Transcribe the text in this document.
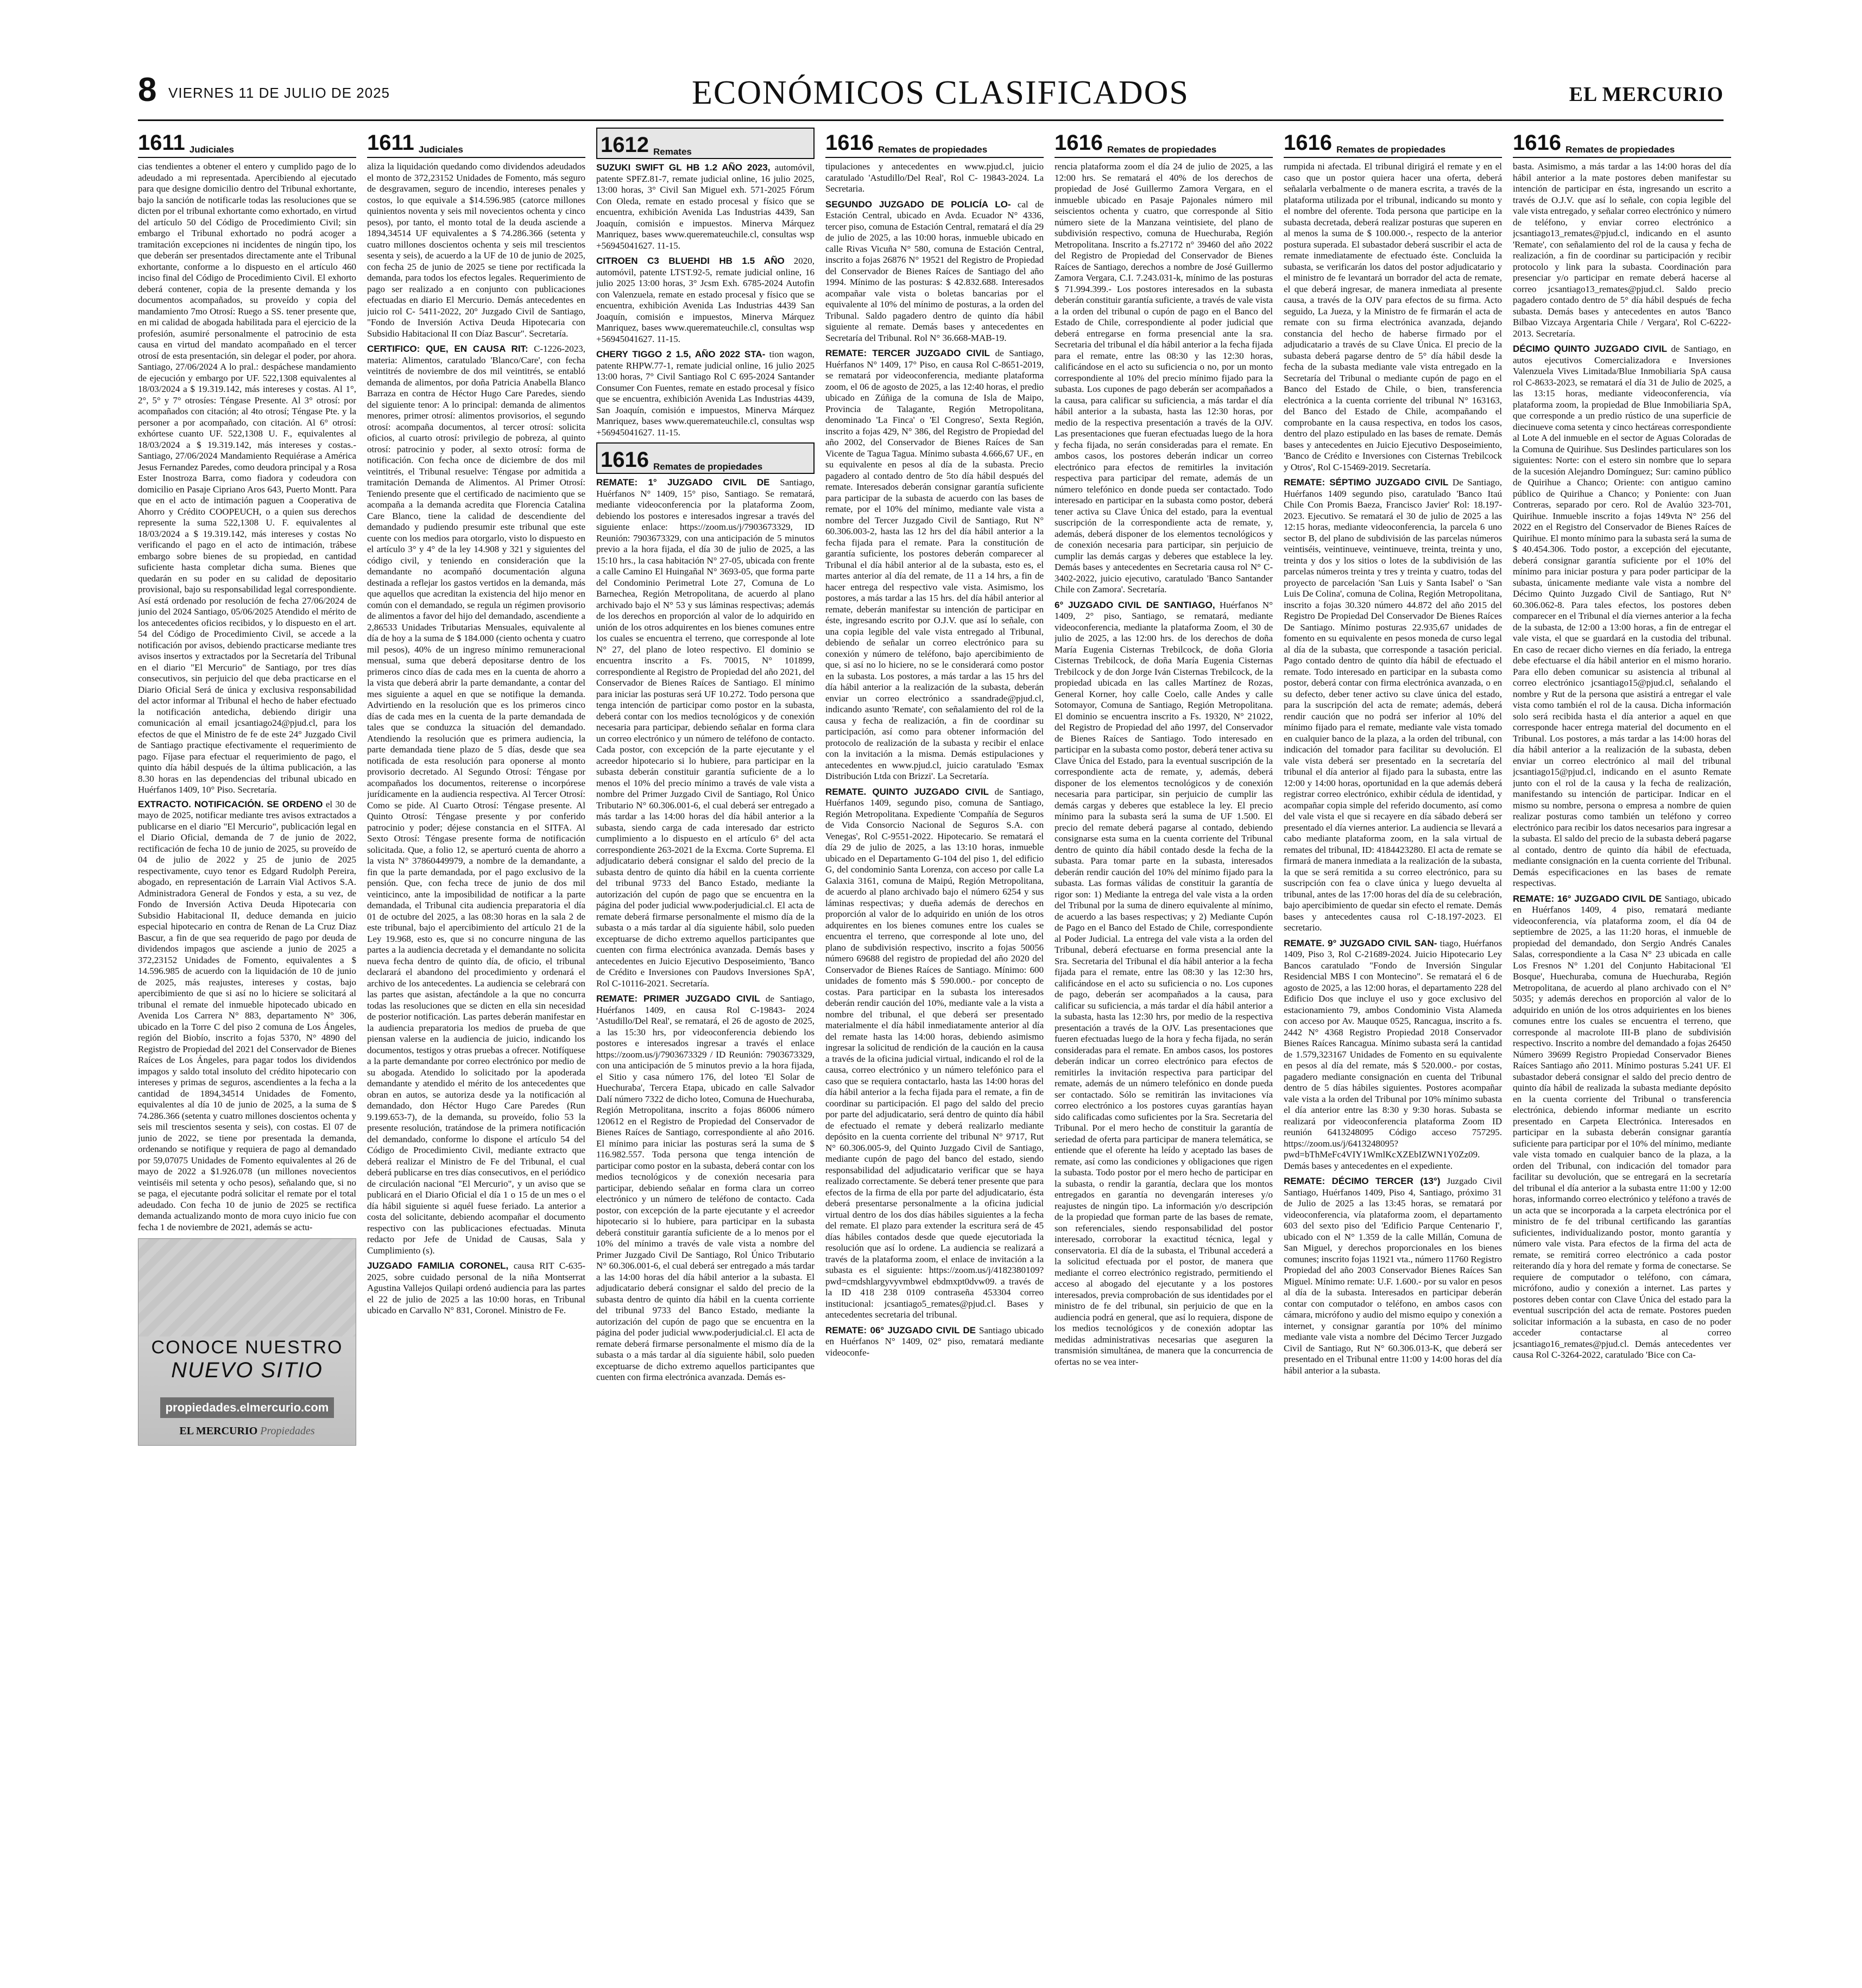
8 VIERNES 11 DE JULIO DE 2025	ECONÓMICOS CLASIFICADOS	EL MERCURIO
1611 Judiciales

cias tendientes a obtener el entero y cumplido pago de lo adeudado a mi representada. Apercibiendo al ejecutado para que designe domicilio dentro del Tribunal exhortante, bajo la sanción de notificarle todas las resoluciones que se dicten por el tribunal exhortante como exhortado, en virtud del artículo 50 del Código de Procedimiento Civil; sin embargo el Tribunal exhortado no podrá acoger a tramitación excepciones ni incidentes de ningún tipo, los que deberán ser presentados directamente ante el Tribunal exhortante, conforme a lo dispuesto en el artículo 460 inciso final del Código de Procedimiento Civil. El exhorto deberá contener, copia de la presente demanda y los documentos acompañados, su proveído y copia del mandamiento 7mo Otrosí: Ruego a SS. tener presente que, en mi calidad de abogada habilitada para el ejercicio de la profesión, asumiré personalmente el patrocinio de esta causa en virtud del mandato acompañado en el tercer otrosí de esta presentación, sin delegar el poder, por ahora. Santiago, 27/06/2024 A lo pral.: despáchese mandamiento de ejecución y embargo por UF. 522,1308 equivalentes al 18/03/2024 a $ 19.319.142, más intereses y costas. Al 1°, 2°, 5° y 7° otrosíes: Téngase Presente. Al 3° otrosí: por acompañados con citación; al 4to otrosí; Téngase Pte. y la personer a por acompañado, con citación. Al 6° otrosí: exhórtese cuanto UF. 522,1308 U. F., equivalentes al 18/03/2024 a $ 19.319.142, más intereses y costas.- Santiago, 27/06/2024 Mandamiento Requiérase a América Jesus Fernandez Paredes, como deudora principal y a Rosa Ester Inostroza Barra, como fiadora y codeudora con domicilio en Pasaje Cipriano Aros 643, Puerto Montt. Para que en el acto de intimación paguen a Cooperativa de Ahorro y Crédito COOPEUCH, o a quien sus derechos represente la suma 522,1308 U. F. equivalentes al 18/03/2024 a $ 19.319.142, más intereses y costas No verificando el pago en el acto de intimación, trábese embargo sobre bienes de su propiedad, en cantidad suficiente hasta completar dicha suma. Bienes que quedarán en su poder en su calidad de depositario provisional, bajo su responsabilidad legal correspondiente. Así está ordenado por resolución de fecha 27/06/2024 de junio del 2024 Santiago, 05/06/2025 Atendido el mérito de los antecedentes oficios recibidos, y lo dispuesto en el art. 54 del Código de Procedimiento Civil, se accede a la notificación por avisos, debiendo practicarse mediante tres avisos insertos y extractados por la Secretaría del Tribunal en el diario "El Mercurio" de Santiago, por tres días consecutivos, sin perjuicio del que deba practicarse en el Diario Oficial Será de única y exclusiva responsabilidad del actor informar al Tribunal el hecho de haber efectuado la notificación antedicha, debiendo dirigir una comunicación al email jcsantiago24@pjud.cl, para los efectos de que el Ministro de fe de este 24° Juzgado Civil de Santiago practique efectivamente el requerimiento de pago. Fíjase para efectuar el requerimiento de pago, el quinto día hábil después de la última publicación, a las 8.30 horas en las dependencias del tribunal ubicado en Huérfanos 1409, 10° Piso. Secretaría.

EXTRACTO. NOTIFICACIÓN. SE ORDENO el 30 de mayo de 2025, notificar mediante tres avisos extractados a publicarse en el diario "El Mercurio", publicación legal en el Diario Oficial, demanda de 7 de junio de 2022, rectificación de fecha 10 de junio de 2025, su proveído de 04 de julio de 2022 y 25 de junio de 2025 respectivamente, cuyo tenor es Edgard Rudolph Pereira, abogado, en representación de Larrain Vial Activos S.A. Administradora General de Fondos y esta, a su vez, de Fondo de Inversión Activa Deuda Hipotecaria con Subsidio Habitacional II, deduce demanda en juicio especial hipotecario en contra de Renan de La Cruz Diaz Bascur, a fin de que sea requerido de pago por deuda de dividendos impagos que asciende a junio de 2025 a 372,23152 Unidades de Fomento, equivalentes a $ 14.596.985 de acuerdo con la liquidación de 10 de junio de 2025, más reajustes, intereses y costas, bajo apercibimiento de que si así no lo hiciere se solicitará al tribunal el remate del inmueble hipotecado ubicado en Avenida Los Carrera N° 883, departamento N° 306, ubicado en la Torre C del piso 2 comuna de Los Ángeles, región del Biobío, inscrito a fojas 5370, N° 4890 del Registro de Propiedad del 2021 del Conservador de Bienes Raíces de Los Ángeles, para pagar todos los dividendos impagos y saldo total insoluto del crédito hipotecario con intereses y primas de seguros, ascendientes a la fecha a la cantidad de 1894,34514 Unidades de Fomento, equivalentes al día 10 de junio de 2025, a la suma de $ 74.286.366 (setenta y cuatro millones doscientos ochenta y seis mil trescientos sesenta y seis), con costas. El 07 de junio de 2022, se tiene por presentada la demanda, ordenando se notifique y requiera de pago al demandado por 59,07075 Unidades de Fomento equivalentes al 26 de mayo de 2022 a $1.926.078 (un millones novecientos veintiséis mil setenta y ocho pesos), señalando que, si no se paga, el ejecutante podrá solicitar el remate por el total adeudado. Con fecha 10 de junio de 2025 se rectifica demanda actualizando monto de mora cuyo inicio fue con fecha 1 de noviembre de 2021, además se actu-

CONOCE NUESTRO
NUEVO SITIO
propiedades.elmercurio.com
EL MERCURIO Propiedades
1611 Judiciales

aliza la liquidación quedando como dividendos adeudados el monto de 372,23152 Unidades de Fomento, más seguro de desgravamen, seguro de incendio, intereses penales y costos, lo que equivale a $14.596.985 (catorce millones quinientos noventa y seis mil novecientos ochenta y cinco pesos), por tanto, el monto total de la deuda asciende a 1894,34514 UF equivalentes a $ 74.286.366 (setenta y cuatro millones doscientos ochenta y seis mil trescientos sesenta y seis), de acuerdo a la UF de 10 de junio de 2025, con fecha 25 de junio de 2025 se tiene por rectificada la demanda, para todos los efectos legales. Requerimiento de pago ser realizado a en conjunto con publicaciones efectuadas en diario El Mercurio. Demás antecedentes en juicio rol C- 5411-2022, 20° Juzgado Civil de Santiago, "Fondo de Inversión Activa Deuda Hipotecaria con Subsidio Habitacional II con Díaz Bascur". Secretaría.

CERTIFICO: QUE, EN CAUSA RIT: C-1226-2023, materia: Alimentos, caratulado 'Blanco/Care', con fecha veintitrés de noviembre de dos mil veintitrés, se entabló demanda de alimentos, por doña Patricia Anabella Blanco Barraza en contra de Héctor Hugo Care Paredes, siendo del siguiente tenor: A lo principal: demanda de alimentos menores, primer otrosí: alimentos provisorios, el segundo otrosí: acompaña documentos, al tercer otrosí: solicita oficios, al cuarto otrosí: privilegio de pobreza, al quinto otrosí: patrocinio y poder, al sexto otrosí: forma de notificación. Con fecha once de diciembre de dos mil veintitrés, el Tribunal resuelve: Téngase por admitida a tramitación Demanda de Alimentos. Al Primer Otrosí: Teniendo presente que el certificado de nacimiento que se acompaña a la demanda acredita que Florencia Catalina Care Blanco, tiene la calidad de descendiente del demandado y pudiendo presumir este tribunal que este cuente con los medios para otorgarlo, visto lo dispuesto en el artículo 3° y 4° de la ley 14.908 y 321 y siguientes del código civil, y teniendo en consideración que la demandante no acompañó documentación alguna destinada a reflejar los gastos vertidos en la demanda, más que aquellos que acreditan la existencia del hijo menor en común con el demandado, se regula un régimen provisorio de alimentos a favor del hijo del demandado, ascendiente a 2,86533 Unidades Tributarias Mensuales, equivalente al día de hoy a la suma de $ 184.000 (ciento ochenta y cuatro mil pesos), 40% de un ingreso mínimo remuneracional mensual, suma que deberá depositarse dentro de los primeros cinco días de cada mes en la cuenta de ahorro a la vista que deberá abrir la parte demandante, a contar del mes siguiente a aquel en que se notifique la demanda. Advirtiendo en la resolución que es los primeros cinco días de cada mes en la cuenta de la parte demandada de tales que se conduzca la situación del demandado. Atendiendo la resolución que es primera audiencia, la parte demandada tiene plazo de 5 días, desde que sea notificada de esta resolución para oponerse al monto provisorio decretado. Al Segundo Otrosí: Téngase por acompañados los documentos, reiterense o incorpórese jurídicamente en la audiencia respectiva. Al Tercer Otrosí: Como se pide. Al Cuarto Otrosí: Téngase presente. Al Quinto Otrosí: Téngase presente y por conferido patrocinio y poder; déjese constancia en el SITFA. Al Sexto Otrosí: Téngase presente forma de notificación solicitada. Que, a folio 12, se aperturó cuenta de ahorro a la vista N° 37860449979, a nombre de la demandante, a fin que la parte demandada, por el pago exclusivo de la pensión. Que, con fecha trece de junio de dos mil veinticinco, ante la imposibilidad de notificar a la parte demandada, el Tribunal cita audiencia preparatoria el día 01 de octubre del 2025, a las 08:30 horas en la sala 2 de este tribunal, bajo el apercibimiento del artículo 21 de la Ley 19.968, esto es, que si no concurre ninguna de las partes a la audiencia decretada y el demandante no solicita nueva fecha dentro de quinto día, de oficio, el tribunal declarará el abandono del procedimiento y ordenará el archivo de los antecedentes. La audiencia se celebrará con las partes que asistan, afectándole a la que no concurra todas las resoluciones que se dicten en ella sin necesidad de posterior notificación. Las partes deberán manifestar en la audiencia preparatoria los medios de prueba de que piensan valerse en la audiencia de juicio, indicando los documentos, testigos y otras pruebas a ofrecer. Notifíquese a la parte demandante por correo electrónico por medio de su abogada. Atendido lo solicitado por la apoderada demandante y atendido el mérito de los antecedentes que obran en autos, se autoriza desde ya la notificación al demandado, don Héctor Hugo Care Paredes (Run 9.199.653-7), de la demanda, su proveído, folio 53 la presente resolución, tratándose de la primera notificación del demandado, conforme lo dispone el artículo 54 del Código de Procedimiento Civil, mediante extracto que deberá realizar el Ministro de Fe del Tribunal, el cual deberá publicarse en tres días consecutivos, en el periódico de circulación nacional "El Mercurio", y un aviso que se publicará en el Diario Oficial el día 1 o 15 de un mes o el día hábil siguiente si aquél fuese feriado. La anterior a costa del solicitante, debiendo acompañar el documento respectivo con las publicaciones efectuadas. Minuta redacto por Jefe de Unidad de Causas, Sala y Cumplimiento (s).

JUZGADO FAMILIA CORONEL, causa RIT C-635-2025, sobre cuidado personal de la niña Montserrat Agustina Vallejos Quilapi ordenó audiencia para las partes el 22 de julio de 2025 a las 10:00 horas, en Tribunal ubicado en Carvallo N° 831, Coronel. Ministro de Fe.

1612 Remates

SUZUKI SWIFT GL HB 1.2 AÑO 2023, automóvil, patente SPFZ.81-7, remate judicial online, 16 julio 2025, 13:00 horas, 3° Civil San Miguel exh. 571-2025 Fórum Con Oleda, remate en estado procesal y físico que se encuentra, exhibición Avenida Las Industrias 4439, San Joaquín, comisión e impuestos. Minerva Márquez Manriquez, bases www.queremateuchile.cl, consultas wsp +56945041627. 11-15.

CITROEN C3 BLUEHDI HB 1.5 AÑO 2020, automóvil, patente LTST.92-5, remate judicial online, 16 julio 2025 13:00 horas, 3° Jcsm Exh. 6785-2024 Autofin con Valenzuela, remate en estado procesal y físico que se encuentra, exhibición Avenida Las Industrias 4439 San Joaquín, comisión e impuestos, Minerva Márquez Manriquez, bases www.queremateuchile.cl, consultas wsp +56945041627. 11-15.

CHERY TIGGO 2 1.5, AÑO 2022 STA- tion wagon, patente RHPW.77-1, remate judicial online, 16 julio 2025 13:00 horas, 7° Civil Santiago Rol C 695-2024 Santander Consumer Con Fuentes, remate en estado procesal y físico que se encuentra, exhibición Avenida Las Industrias 4439, San Joaquín, comisión e impuestos, Minerva Márquez Manriquez, bases www.queremateuchile.cl, consultas wsp +56945041627. 11-15.

1616 Remates de propiedades

REMATE: 1° JUZGADO CIVIL DE Santiago, Huérfanos N° 1409, 15° piso, Santiago. Se rematará, mediante videoconferencia por la plataforma Zoom, debiendo los postores e interesados ingresar a través del siguiente enlace: https://zoom.us/j/7903673329, ID Reunión: 7903673329, con una anticipación de 5 minutos previo a la hora fijada, el día 30 de julio de 2025, a las 15:10 hrs., la casa habitación N° 27-05, ubicada con frente a calle Camino El Huingañal N° 3693-05, que forma parte del Condominio Perimetral Lote 27, Comuna de Lo Barnechea, Región Metropolitana, de acuerdo al plano archivado bajo el N° 53 y sus láminas respectivas; además de los derechos en proporción al valor de lo adquirido en unión de los otros adquirentes en los bienes comunes entre los cuales se encuentra el terreno, que corresponde al lote N° 27, del plano de loteo respectivo. El dominio se encuentra inscrito a Fs. 70015, N° 101899, correspondiente al Registro de Propiedad del año 2021, del Conservador de Bienes Raíces de Santiago. El mínimo para iniciar las posturas será UF 10.272. Todo persona que tenga intención de participar como postor en la subasta, deberá contar con los medios tecnológicos y de conexión necesaria para participar, debiendo señalar en forma clara un correo electrónico y un número de teléfono de contacto. Cada postor, con excepción de la parte ejecutante y el acreedor hipotecario si lo hubiere, para participar en la subasta deberán constituir garantía suficiente de a lo menos el 10% del precio mínimo a través de vale vista a nombre del Primer Juzgado Civil de Santiago, Rol Único Tributario N° 60.306.001-6, el cual deberá ser entregado a más tardar a las 14:00 horas del día hábil anterior a la subasta, siendo carga de cada interesado dar estricto cumplimiento a lo dispuesto en el artículo 6° del acta correspondiente 263-2021 de la Excma. Corte Suprema. El adjudicatario deberá consignar el saldo del precio de la subasta dentro de quinto día hábil en la cuenta corriente del tribunal 9733 del Banco Estado, mediante la autorización del cupón de pago que se encuentra en la página del poder judicial www.poderjudicial.cl. El acta de remate deberá firmarse personalmente el mismo día de la subasta o a más tardar al día siguiente hábil, solo pueden exceptuarse de dicho extremo aquellos participantes que cuenten con firma electrónica avanzada. Demás bases y antecedentes en Juicio Ejecutivo Desposeimiento, 'Banco de Crédito e Inversiones con Paudovs Inversiones SpA', Rol C-10116-2021. Secretaría.

REMATE: PRIMER JUZGADO CIVIL de Santiago, Huérfanos 1409, en causa Rol C-19843- 2024 'Astudillo/Del Real', se rematará, el 26 de agosto de 2025, a las 15:30 hrs, por videoconferencia debiendo los postores e interesados ingresar a través el enlace https://zoom.us/j/7903673329 / ID Reunión: 7903673329, con una anticipación de 5 minutos previo a la hora fijada, el Sitio y casa número 176, del loteo 'El Solar de Huechuraba', Tercera Etapa, ubicado en calle Salvador Dalí número 7322 de dicho loteo, Comuna de Huechuraba, Región Metropolitana, inscrito a fojas 86006 número 120612 en el Registro de Propiedad del Conservador de Bienes Raíces de Santiago, correspondiente al año 2016. El mínimo para iniciar las posturas será la suma de $ 116.982.557. Toda persona que tenga intención de participar como postor en la subasta, deberá contar con los medios tecnológicos y de conexión necesaria para participar, debiendo señalar en forma clara un correo electrónico y un número de teléfono de contacto. Cada postor, con excepción de la parte ejecutante y el acreedor hipotecario si lo hubiere, para participar en la subasta deberá constituir garantía suficiente de a lo menos por el 10% del mínimo a través de vale vista a nombre del Primer Juzgado Civil De Santiago, Rol Único Tributario N° 60.306.001-6, el cual deberá ser entregado a más tardar a las 14:00 horas del día hábil anterior a la subasta. El adjudicatario deberá consignar el saldo del precio de la subasta dentro de quinto día hábil en la cuenta corriente del tribunal 9733 del Banco Estado, mediante la autorización del cupón de pago que se encuentra en la página del poder judicial www.poderjudicial.cl. El acta de remate deberá firmarse personalmente el mismo día de la subasta o a más tardar al día siguiente hábil, solo pueden exceptuarse de dicho extremo aquellos participantes que cuenten con firma electrónica avanzada. Demás es-

1616 Remates de propiedades

tipulaciones y antecedentes en www.pjud.cl, juicio caratulado 'Astudillo/Del Real', Rol C- 19843-2024. La Secretaria.

SEGUNDO JUZGADO DE POLICÍA LO- cal de Estación Central, ubicado en Avda. Ecuador N° 4336, tercer piso, comuna de Estación Central, rematará el día 29 de julio de 2025, a las 10:00 horas, inmueble ubicado en calle Rivas Vicuña N° 580, comuna de Estación Central, inscrito a fojas 26876 N° 19521 del Registro de Propiedad del Conservador de Bienes Raíces de Santiago del año 1994. Mínimo de las posturas: $ 42.832.688. Interesados acompañar vale vista o boletas bancarias por el equivalente al 10% del mínimo de posturas, a la orden del Tribunal. Saldo pagadero dentro de quinto día hábil siguiente al remate. Demás bases y antecedentes en Secretaría del Tribunal. Rol N° 36.668-MAB-19.

REMATE: TERCER JUZGADO CIVIL de Santiago, Huérfanos N° 1409, 17° Piso, en causa Rol C-8651-2019, se rematará por videoconferencia, mediante plataforma zoom, el 06 de agosto de 2025, a las 12:40 horas, el predio ubicado en Zúñiga de la comuna de Isla de Maipo, Provincia de Talagante, Región Metropolitana, denominado 'La Finca' o 'El Congreso', Sexta Región, inscrito a fojas 429, N° 386, del Registro de Propiedad del año 2002, del Conservador de Bienes Raíces de San Vicente de Tagua Tagua. Mínimo subasta 4.666,67 UF., en su equivalente en pesos al día de la subasta. Precio pagadero al contado dentro de 5to día hábil después del remate. Interesados deberán consignar garantía suficiente para participar de la subasta de acuerdo con las bases de remate, por el 10% del mínimo, mediante vale vista a nombre del Tercer Juzgado Civil de Santiago, Rut N° 60.306.003-2, hasta las 12 hrs del día hábil anterior a la fecha fijada para el remate. Para la constitución de garantía suficiente, los postores deberán comparecer al Tribunal el día hábil anterior al de la subasta, esto es, el martes anterior al día del remate, de 11 a 14 hrs, a fin de hacer entrega del respectivo vale vista. Asimismo, los postores, a más tardar a las 15 hrs. del día hábil anterior al remate, deberán manifestar su intención de participar en éste, ingresando escrito por O.J.V. que así lo señale, con una copia legible del vale vista entregado al Tribunal, debiendo de señalar un correo electrónico para su conexión y número de teléfono, bajo apercibimiento de que, si así no lo hiciere, no se le considerará como postor en la subasta. Los postores, a más tardar a las 15 hrs del día hábil anterior a la realización de la subasta, deberán enviar un correo electrónico a ssandrade@pjud.cl, indicando asunto 'Remate', con señalamiento del rol de la causa y fecha de realización, a fin de coordinar su participación, así como para obtener información del protocolo de realización de la subasta y recibir el enlace con la invitación a la misma. Demás estipulaciones y antecedentes en www.pjud.cl, juicio caratulado 'Esmax Distribución Ltda con Brizzi'. La Secretaría.

REMATE. QUINTO JUZGADO CIVIL de Santiago, Huérfanos 1409, segundo piso, comuna de Santiago, Región Metropolitana. Expediente 'Compañía de Seguros de Vida Consorcio Nacional de Seguros S.A. con Venegas', Rol C-9551-2022. Hipotecario. Se rematará el día 29 de julio de 2025, a las 13:10 horas, inmueble ubicado en el Departamento G-104 del piso 1, del edificio G, del condominio Santa Lorenza, con acceso por calle La Galaxia 3161, comuna de Maipú, Región Metropolitana, de acuerdo al plano archivado bajo el número 6254 y sus láminas respectivas; y dueña además de derechos en proporción al valor de lo adquirido en unión de los otros adquirentes en los bienes comunes entre los cuales se encuentra el terreno, que corresponde al lote uno, del plano de subdivisión respectivo, inscrito a fojas 50056 número 69688 del registro de propiedad del año 2020 del Conservador de Bienes Raíces de Santiago. Mínimo: 600 unidades de fomento más $ 590.000.- por concepto de costas. Para participar en la subasta los interesados deberán rendir caución del 10%, mediante vale a la vista a nombre del tribunal, el que deberá ser presentado materialmente el día hábil inmediatamente anterior al día del remate hasta las 14:00 horas, debiendo asimismo ingresar la solicitud de rendición de la caución en la causa a través de la oficina judicial virtual, indicando el rol de la causa, correo electrónico y un número telefónico para el caso que se requiera contactarlo, hasta las 14:00 horas del día hábil anterior a la fecha fijada para el remate, a fin de coordinar su participación. El pago del saldo del precio por parte del adjudicatario, será dentro de quinto día hábil de efectuado el remate y deberá realizarlo mediante depósito en la cuenta corriente del tribunal N° 9717, Rut N° 60.306.005-9, del Quinto Juzgado Civil de Santiago, mediante cupón de pago del banco del estado, siendo responsabilidad del adjudicatario verificar que se haya realizado correctamente. Se deberá tener presente que para efectos de la firma de ella por parte del adjudicatario, ésta deberá presentarse personalmente a la oficina judicial virtual dentro de los dos días hábiles siguientes a la fecha del remate. El plazo para extender la escritura será de 45 días hábiles contados desde que quede ejecutoriada la resolución que así lo ordene. La audiencia se realizará a través de la plataforma zoom, el enlace de invitación a la subasta es el siguiente: https://zoom.us/j/4182380109?pwd=cmdshlargyvyvmbwel ebdmxpt0dvw09. a través de la ID 418 238 0109 contraseña 453304 correo institucional: jcsantiago5_remates@pjud.cl. Bases y antecedentes secretaria del tribunal.

REMATE: 06° JUZGADO CIVIL DE Santiago ubicado en Huérfanos N° 1409, 02° piso, rematará mediante videoconfe-

1616 Remates de propiedades

rencia plataforma zoom el día 24 de julio de 2025, a las 12:00 hrs. Se rematará el 40% de los derechos de propiedad de José Guillermo Zamora Vergara, en el inmueble ubicado en Pasaje Pajonales número mil seiscientos ochenta y cuatro, que corresponde al Sitio número siete de la Manzana veintisiete, del plano de subdivisión respectivo, comuna de Huechuraba, Región Metropolitana. Inscrito a fs.27172 n° 39460 del año 2022 del Registro de Propiedad del Conservador de Bienes Raíces de Santiago, derechos a nombre de José Guillermo Zamora Vergara, C.I. 7.243.031-k, mínimo de las posturas $ 71.994.399.- Los postores interesados en la subasta deberán constituir garantía suficiente, a través de vale vista a la orden del tribunal o cupón de pago en el Banco del Estado de Chile, correspondiente al poder judicial que deberá entregarse en forma presencial ante la sra. Secretaria del tribunal el día hábil anterior a la fecha fijada para el remate, entre las 08:30 y las 12:30 horas, calificándose en el acto su suficiencia o no, por un monto correspondiente al 10% del precio mínimo fijado para la subasta. Los cupones de pago deberán ser acompañados a la causa, para calificar su suficiencia, a más tardar el día hábil anterior a la subasta, hasta las 12:30 horas, por medio de la respectiva presentación a través de la OJV. Las presentaciones que fueran efectuadas luego de la hora y fecha fijada, no serán consideradas para el remate. En ambos casos, los postores deberán indicar un correo electrónico para efectos de remitirles la invitación respectiva para participar del remate, además de un número telefónico en donde pueda ser contactado. Todo interesado en participar en la subasta como postor, deberá tener activa su Clave Única del estado, para la eventual suscripción de la correspondiente acta de remate, y, además, deberá disponer de los elementos tecnológicos y de conexión necesaria para participar, sin perjuicio de cumplir las demás cargas y deberes que establece la ley. Demás bases y antecedentes en Secretaria causa rol N° C-3402-2022, juicio ejecutivo, caratulado 'Banco Santander Chile con Zamora'. Secretaría.

6° JUZGADO CIVIL DE SANTIAGO, Huérfanos N° 1409, 2° piso, Santiago, se rematará, mediante videoconferencia, mediante la plataforma Zoom, el 30 de julio de 2025, a las 12:00 hrs. de los derechos de doña María Eugenia Cisternas Trebilcock, de doña Gloria Cisternas Trebilcock, de doña María Eugenia Cisternas Trebilcock y de don Jorge Iván Cisternas Trebilcock, de la propiedad ubicada en las calles Martínez de Rozas, General Korner, hoy calle Coelo, calle Andes y calle Sotomayor, Comuna de Santiago, Región Metropolitana. El dominio se encuentra inscrito a Fs. 19320, N° 21022, del Registro de Propiedad del año 1997, del Conservador de Bienes Raíces de Santiago. Todo interesado en participar en la subasta como postor, deberá tener activa su Clave Única del Estado, para la eventual suscripción de la correspondiente acta de remate, y, además, deberá disponer de los elementos tecnológicos y de conexión necesaria para participar, sin perjuicio de cumplir las demás cargas y deberes que establece la ley. El precio mínimo para la subasta será la suma de UF 1.500. El precio del remate deberá pagarse al contado, debiendo consignarse esta suma en la cuenta corriente del Tribunal dentro de quinto día hábil contado desde la fecha de la subasta. Para tomar parte en la subasta, interesados deberán rendir caución del 10% del mínimo fijado para la subasta. Las formas válidas de constituir la garantía de rigor son: 1) Mediante la entrega del vale vista a la orden del Tribunal por la suma de dinero equivalente al mínimo, de acuerdo a las bases respectivas; y 2) Mediante Cupón de Pago en el Banco del Estado de Chile, correspondiente al Poder Judicial. La entrega del vale vista a la orden del Tribunal, deberá efectuarse en forma presencial ante la Sra. Secretaria del Tribunal el día hábil anterior a la fecha fijada para el remate, entre las 08:30 y las 12:30 hrs, calificándose en el acto su suficiencia o no. Los cupones de pago, deberán ser acompañados a la causa, para calificar su suficiencia, a más tardar el día hábil anterior a la subasta, hasta las 12:30 hrs, por medio de la respectiva presentación a través de la OJV. Las presentaciones que fueren efectuadas luego de la hora y fecha fijada, no serán consideradas para el remate. En ambos casos, los postores deberán indicar un correo electrónico para efectos de remitirles la invitación respectiva para participar del remate, además de un número telefónico en donde pueda ser contactado. Sólo se remitirán las invitaciones vía correo electrónico a los postores cuyas garantías hayan sido calificadas como suficientes por la Sra. Secretaria del Tribunal. Por el mero hecho de constituir la garantía de seriedad de oferta para participar de manera telemática, se entiende que el oferente ha leído y aceptado las bases de remate, así como las condiciones y obligaciones que rigen la subasta. Todo postor por el mero hecho de participar en la subasta, o rendir la garantía, declara que los montos entregados en garantía no devengarán intereses y/o reajustes de ningún tipo. La información y/o descripción de la propiedad que forman parte de las bases de remate, son referenciales, siendo responsabilidad del postor interesado, corroborar la exactitud técnica, legal y conservatoria. El día de la subasta, el Tribunal accederá a la solicitud efectuada por el postor, de manera que mediante el correo electrónico registrado, permitiendo el acceso al abogado del ejecutante y a los postores interesados, previa comprobación de sus identidades por el ministro de fe del tribunal, sin perjuicio de que en la audiencia podrá en general, que así lo requiera, dispone de los medios tecnológicos y de conexión adoptar las medidas administrativas necesarias que aseguren la transmisión simultánea, de manera que la concurrencia de ofertas no se vea inter-

1616 Remates de propiedades

rumpida ni afectada. El tribunal dirigirá el remate y en el caso que un postor quiera hacer una oferta, deberá señalarla verbalmente o de manera escrita, a través de la plataforma utilizada por el tribunal, indicando su monto y el nombre del oferente. Toda persona que participe en la subasta decretada, deberá realizar posturas que superen en al menos la suma de $ 100.000.-, respecto de la anterior postura superada. El subastador deberá suscribir el acta de remate inmediatamente de efectuado éste. Concluida la subasta, se verificarán los datos del postor adjudicatario y el ministro de fe levantará un borrador del acta de remate, el que deberá ingresar, de manera inmediata al presente causa, a través de la OJV para efectos de su firma. Acto seguido, La Jueza, y la Ministro de fe firmarán el acta de remate con su firma electrónica avanzada, dejando constancia del hecho de haberse firmado por el adjudicatario a través de su Clave Única. El precio de la subasta deberá pagarse dentro de 5° día hábil desde la fecha de la subasta mediante vale vista entregado en la Secretaría del Tribunal o mediante cupón de pago en el Banco del Estado de Chile, o bien, transferencia electrónica a la cuenta corriente del tribunal N° 163163, del Banco del Estado de Chile, acompañando el comprobante en la causa respectiva, en todos los casos, dentro del plazo estipulado en las bases de remate. Demás bases y antecedentes en Juicio Ejecutivo Desposeimiento, 'Banco de Crédito e Inversiones con Cisternas Trebilcock y Otros', Rol C-15469-2019. Secretaría.

REMATE: SÉPTIMO JUZGADO CIVIL De Santiago, Huérfanos 1409 segundo piso, caratulado 'Banco Itaú Chile Con Promis Baeza, Francisco Javier' Rol: 18.197-2023. Ejecutivo. Se rematará el 30 de julio de 2025 a las 12:15 horas, mediante videoconferencia, la parcela 6 uno sector B, del plano de subdivisión de las parcelas números veintiséis, veintinueve, veintinueve, treinta, treinta y uno, treinta y dos y los sitios o lotes de la subdivisión de las parcelas números treinta y tres y treinta y cuatro, todas del proyecto de parcelación 'San Luis y Santa Isabel' o 'San Luis De Colina', comuna de Colina, Región Metropolitana, inscrito a fojas 30.320 número 44.872 del año 2015 del Registro De Propiedad Del Conservador De Bienes Raíces De Santiago. Mínimo posturas 22.935,67 unidades de fomento en su equivalente en pesos moneda de curso legal al día de la subasta, que corresponde a tasación pericial. Pago contado dentro de quinto día hábil de efectuado el remate. Todo interesado en participar en la subasta como postor, deberá contar con firma electrónica avanzada, o en su defecto, deber tener activo su clave única del estado, para la suscripción del acta de remate; además, deberá rendir caución que no podrá ser inferior al 10% del mínimo fijado para el remate, mediante vale vista tomado en cualquier banco de la plaza, a la orden del tribunal, con indicación del tomador para facilitar su devolución. El vale vista deberá ser presentado en la secretaría del tribunal el día anterior al fijado para la subasta, entre las 12:00 y 14:00 horas, oportunidad en la que además deberá registrar correo electrónico, exhibir cédula de identidad, y acompañar copia simple del referido documento, así como del vale vista el que si recayere en día sábado deberá ser presentado el día viernes anterior. La audiencia se llevará a cabo mediante plataforma zoom, en la sala virtual de remates del tribunal, ID: 4184423280. El acta de remate se firmará de manera inmediata a la realización de la subasta, la que se será remitida a su correo electrónico, para su suscripción con fea o clave única y luego devuelta al tribunal, antes de las 17:00 horas del día de su celebración, bajo apercibimiento de quedar sin efecto el remate. Demás bases y antecedentes causa rol C-18.197-2023. El secretario.

REMATE. 9° JUZGADO CIVIL SAN- tiago, Huérfanos 1409, Piso 3, Rol C-21689-2024. Juicio Hipotecario Ley Bancos caratulado "Fondo de Inversión Singular Residencial MBS I con Montecino". Se rematará el 6 de agosto de 2025, a las 12:00 horas, el departamento 228 del Edificio Dos que incluye el uso y goce exclusivo del estacionamiento 79, ambos Condominio Vista Alameda con acceso por Av. Mauque 0525, Rancagua, inscrito a fs. 2442 N° 4368 Registro Propiedad 2018 Conservador Bienes Raíces Rancagua. Mínimo subasta será la cantidad de 1.579,323167 Unidades de Fomento en su equivalente en pesos al día del remate, más $ 520.000.- por costas, pagadero mediante consignación en cuenta del Tribunal dentro de 5 días hábiles siguientes. Postores acompañar vale vista a la orden del Tribunal por 10% mínimo subasta el día anterior entre las 8:30 y 9:30 horas. Subasta se realizará por videoconferencia plataforma Zoom ID reunión 6413248095 Código acceso 757295. https://zoom.us/j/6413248095?pwd=bThMeFc4VIY1WmlKcXZEbIZWN1Y0Zz09. Demás bases y antecedentes en el expediente.

REMATE: DÉCIMO TERCER (13°) Juzgado Civil Santiago, Huérfanos 1409, Piso 4, Santiago, próximo 31 de Julio de 2025 a las 13:45 horas, se rematará por videoconferencia, vía plataforma zoom, el departamento 603 del sexto piso del 'Edificio Parque Centenario I', ubicado con el N° 1.359 de la calle Millán, Comuna de San Miguel, y derechos proporcionales en los bienes comunes; inscrito fojas 11921 vta., número 11760 Registro Propiedad del año 2003 Conservador Bienes Raíces San Miguel. Mínimo remate: U.F. 1.600.- por su valor en pesos al día de la subasta. Interesados en participar deberán contar con computador o teléfono, en ambos casos con cámara, micrófono y audio del mismo equipo y conexión a internet, y consignar garantía por 10% del mínimo mediante vale vista a nombre del Décimo Tercer Juzgado Civil de Santiago, Rut N° 60.306.013-K, que deberá ser presentado en el Tribunal entre 11:00 y 14:00 horas del día hábil anterior a la subasta.

1616 Remates de propiedades

basta. Asimismo, a más tardar a las 14:00 horas del día hábil anterior a la mate postores deben manifestar su intención de participar en ésta, ingresando un escrito a través de O.J.V. que así lo señale, con copia legible del vale vista entregado, y señalar correo electrónico y número de teléfono, y enviar correo electrónico a jcsantiago13_remates@pjud.cl, indicando en el asunto 'Remate', con señalamiento del rol de la causa y fecha de realización, a fin de coordinar su participación y recibir protocolo y link para la subasta. Coordinación para presenciar y/o participar en remate deberá hacerse al correo jcsantiago13_remates@pjud.cl. Saldo precio pagadero contado dentro de 5° día hábil después de fecha subasta. Demás bases y antecedentes en autos 'Banco Bilbao Vizcaya Argentaria Chile / Vergara', Rol C-6222-2013. Secretaría.

DÉCIMO QUINTO JUZGADO CIVIL de Santiago, en autos ejecutivos Comercializadora e Inversiones Valenzuela Vives Limitada/Blue Inmobiliaria SpA causa rol C-8633-2023, se rematará el día 31 de Julio de 2025, a las 13:15 horas, mediante videoconferencia, vía plataforma zoom, la propiedad de Blue Inmobiliaria SpA, que corresponde a un predio rústico de una superficie de diecinueve coma setenta y cinco hectáreas correspondiente al Lote A del inmueble en el sector de Aguas Coloradas de la Comuna de Quirihue. Sus Deslindes particulares son los siguientes: Norte: con el estero sin nombre que lo separa de la sucesión Alejandro Domínguez; Sur: camino público de Quirihue a Chanco; Oriente: con antiguo camino público de Quirihue a Chanco; y Poniente: con Juan Contreras, separado por cero. Rol de Avalúo 323-701, Quirihue. Inmueble inscrito a fojas 149vta N° 256 del 2022 en el Registro del Conservador de Bienes Raíces de Quirihue. El monto mínimo para la subasta será la suma de $ 40.454.306. Todo postor, a excepción del ejecutante, deberá consignar garantía suficiente por el 10% del mínimo para iniciar postura y para poder participar de la subasta, únicamente mediante vale vista a nombre del Décimo Quinto Juzgado Civil de Santiago, Rut N° 60.306.062-8. Para tales efectos, los postores deben comparecer en el Tribunal el día viernes anterior a la fecha de la subasta, de 12:00 a 13:00 horas, a fin de entregar el vale vista, el que se guardará en la custodia del tribunal. En caso de recaer dicho viernes en día feriado, la entrega debe efectuarse el día hábil anterior en el mismo horario. Para ello deben comunicar su asistencia al tribunal al correo electrónico jcsantiago15@pjud.cl, señalando el nombre y Rut de la persona que asistirá a entregar el vale vista como también el rol de la causa. Dicha información solo será recibida hasta el día anterior a aquel en que corresponde hacer entrega material del documento en el Tribunal. Los postores, a más tardar a las 14:00 horas del día hábil anterior a la realización de la subasta, deben enviar un correo electrónico al mail del tribunal jcsantiago15@pjud.cl, indicando en el asunto Remate junto con el rol de la causa y la fecha de realización, manifestando su intención de participar. Indicar en el mismo su nombre, persona o empresa a nombre de quien realizar posturas como también un teléfono y correo electrónico para recibir los datos necesarios para ingresar a la subasta. El saldo del precio de la subasta deberá pagarse al contado, dentro de quinto día hábil de efectuada, mediante consignación en la cuenta corriente del Tribunal. Demás especificaciones en las bases de remate respectivas.

REMATE: 16° JUZGADO CIVIL DE Santiago, ubicado en Huérfanos 1409, 4 piso, rematará mediante videoconferencia, vía plataforma zoom, el día 04 de septiembre de 2025, a las 11:20 horas, el inmueble de propiedad del demandado, don Sergio Andrés Canales Salas, correspondiente a la Casa N° 23 ubicada en calle Los Fresnos N° 1.201 del Conjunto Habitacional 'El Bosque', Huechuraba, comuna de Huechuraba, Región Metropolitana, de acuerdo al plano archivado con el N° 5035; y además derechos en proporción al valor de lo adquirido en unión de los otros adquirientes en los bienes comunes entre los cuales se encuentra el terreno, que corresponde al macrolote III-B plano de subdivisión respectivo. Inscrito a nombre del demandado a fojas 26450 Número 39699 Registro Propiedad Conservador Bienes Raíces Santiago año 2011. Mínimo posturas 5.241 UF. El subastador deberá consignar el saldo del precio dentro de quinto día hábil de realizada la subasta mediante depósito en la cuenta corriente del Tribunal o transferencia electrónica, debiendo informar mediante un escrito presentado en Carpeta Electrónica. Interesados en participar en la subasta deberán consignar garantía suficiente para participar por el 10% del mínimo, mediante vale vista tomado en cualquier banco de la plaza, a la orden del Tribunal, con indicación del tomador para facilitar su devolución, que se entregará en la secretaría del tribunal el día anterior a la subasta entre 11:00 y 12:00 horas, informando correo electrónico y teléfono a través de un acta que se incorporada a la carpeta electrónica por el ministro de fe del tribunal certificando las garantías suficientes, individualizando postor, monto garantía y número vale vista. Para efectos de la firma del acta de remate, se remitirá correo electrónico a cada postor reiterando día y hora del remate y forma de conectarse. Se requiere de computador o teléfono, con cámara, micrófono, audio y conexión a internet. Las partes y postores deben contar con Clave Única del estado para la eventual suscripción del acta de remate. Postores pueden solicitar información a la subasta, en caso de no poder acceder contactarse al correo jcsantiago16_remates@pjud.cl. Demás antecedentes ver causa Rol C-3264-2022, caratulado 'Bice con Ca-
